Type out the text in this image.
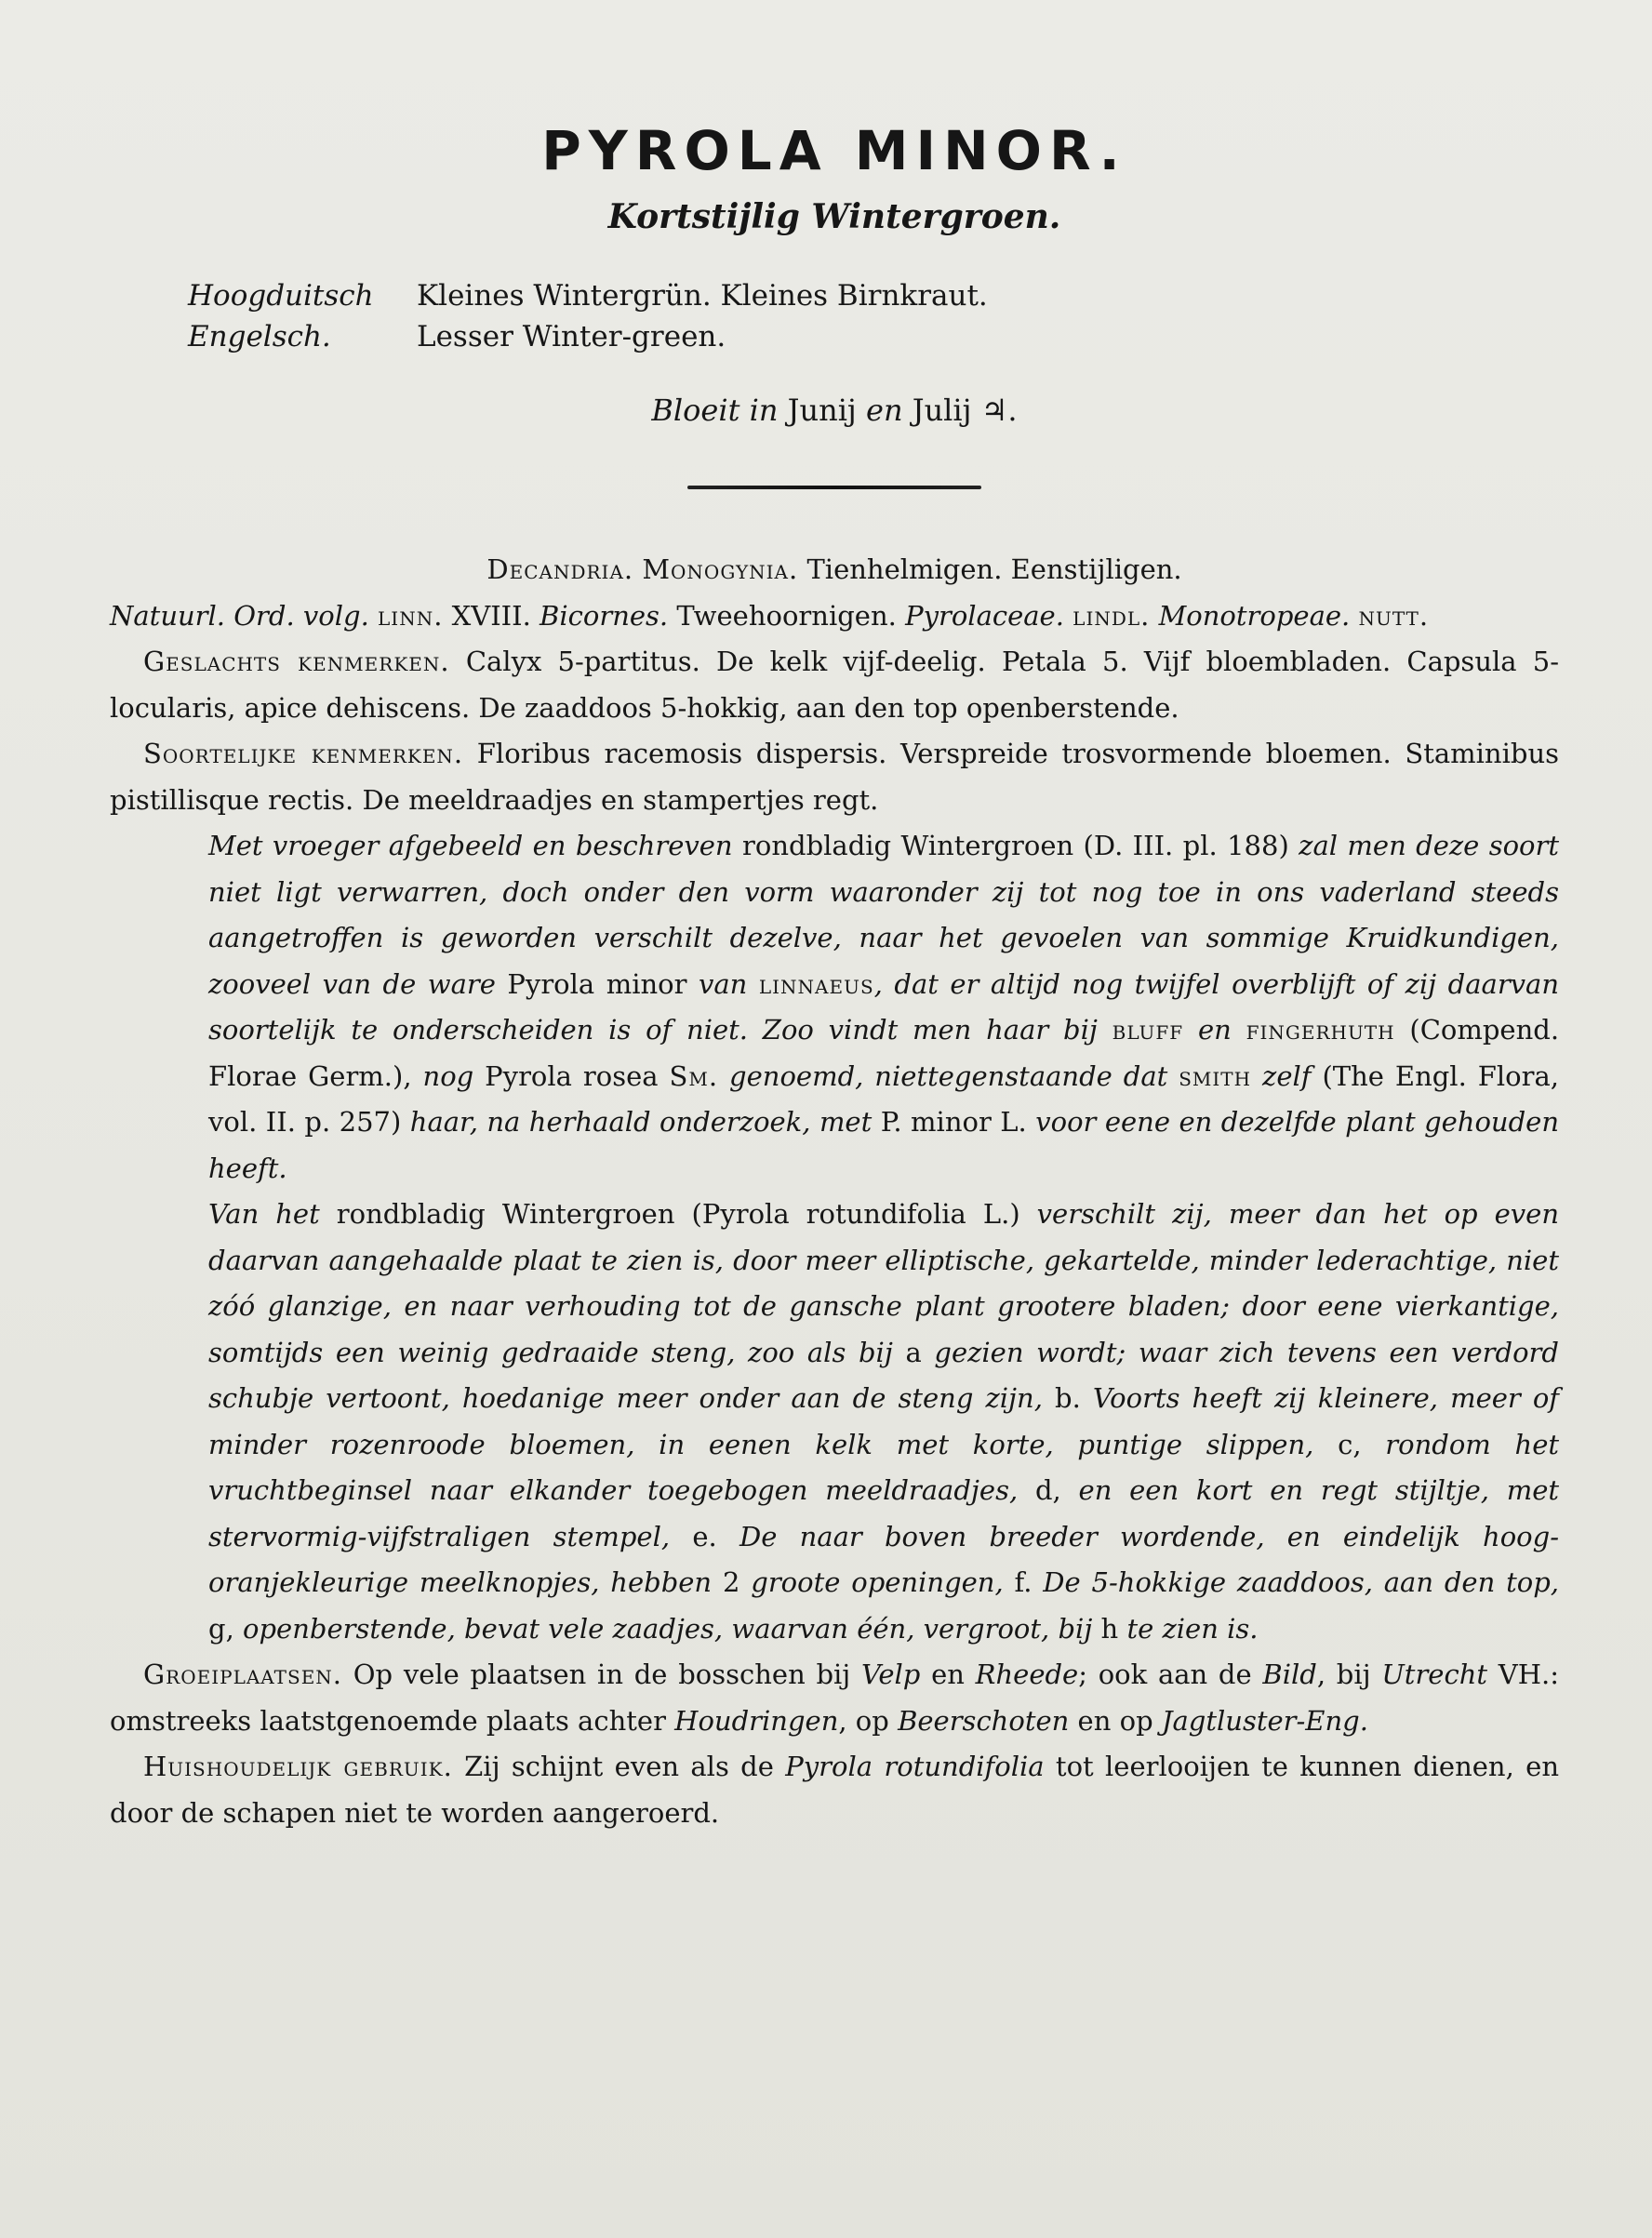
PYROLA MINOR.
Kortstijlig Wintergroen.
Hoogduitsch	Kleines Wintergrün. Kleines Birnkraut.
Engelsch.	Lesser Winter-green.
Bloeit in Junij en Julij ♃.

Decandria. Monogynia. Tienhelmigen. Eenstijligen.

Natuurl. Ord. volg. linn. XVIII. Bicornes. Tweehoornigen. Pyrolaceae. lindl. Monotropeae. nutt.

Geslachts kenmerken. Calyx 5-partitus. De kelk vijf-deelig. Petala 5. Vijf bloembladen. Capsula 5-locularis, apice dehiscens. De zaaddoos 5-hokkig, aan den top openberstende.

Soortelijke kenmerken. Floribus racemosis dispersis. Verspreide trosvormende bloemen. Staminibus pistillisque rectis. De meeldraadjes en stampertjes regt.

Met vroeger afgebeeld en beschreven rondbladig Wintergroen (D. III. pl. 188) zal men deze soort niet ligt verwarren, doch onder den vorm waaronder zij tot nog toe in ons vaderland steeds aangetroffen is geworden verschilt dezelve, naar het gevoelen van sommige Kruidkundigen, zooveel van de ware Pyrola minor van linnaeus, dat er altijd nog twijfel overblijft of zij daarvan soortelijk te onderscheiden is of niet. Zoo vindt men haar bij bluff en fingerhuth (Compend. Florae Germ.), nog Pyrola rosea Sm. genoemd, niettegenstaande dat smith zelf (The Engl. Flora, vol. II. p. 257) haar, na herhaald onderzoek, met P. minor L. voor eene en dezelfde plant gehouden heeft.

Van het rondbladig Wintergroen (Pyrola rotundifolia L.) verschilt zij, meer dan het op even daarvan aangehaalde plaat te zien is, door meer elliptische, gekartelde, minder lederachtige, niet zóó glanzige, en naar verhouding tot de gansche plant grootere bladen; door eene vierkantige, somtijds een weinig gedraaide steng, zoo als bij a gezien wordt; waar zich tevens een verdord schubje vertoont, hoedanige meer onder aan de steng zijn, b. Voorts heeft zij kleinere, meer of minder rozenroode bloemen, in eenen kelk met korte, puntige slippen, c, rondom het vruchtbeginsel naar elkander toegebogen meeldraadjes, d, en een kort en regt stijltje, met stervormig-vijfstraligen stempel, e. De naar boven breeder wordende, en eindelijk hoog-oranjekleurige meelknopjes, hebben 2 groote openingen, f. De 5-hokkige zaaddoos, aan den top, g, openberstende, bevat vele zaadjes, waarvan één, vergroot, bij h te zien is.

Groeiplaatsen. Op vele plaatsen in de bosschen bij Velp en Rheede; ook aan de Bild, bij Utrecht VH.: omstreeks laatstgenoemde plaats achter Houdringen, op Beerschoten en op Jagtluster-Eng.

Huishoudelijk gebruik. Zij schijnt even als de Pyrola rotundifolia tot leerlooijen te kunnen dienen, en door de schapen niet te worden aangeroerd.
